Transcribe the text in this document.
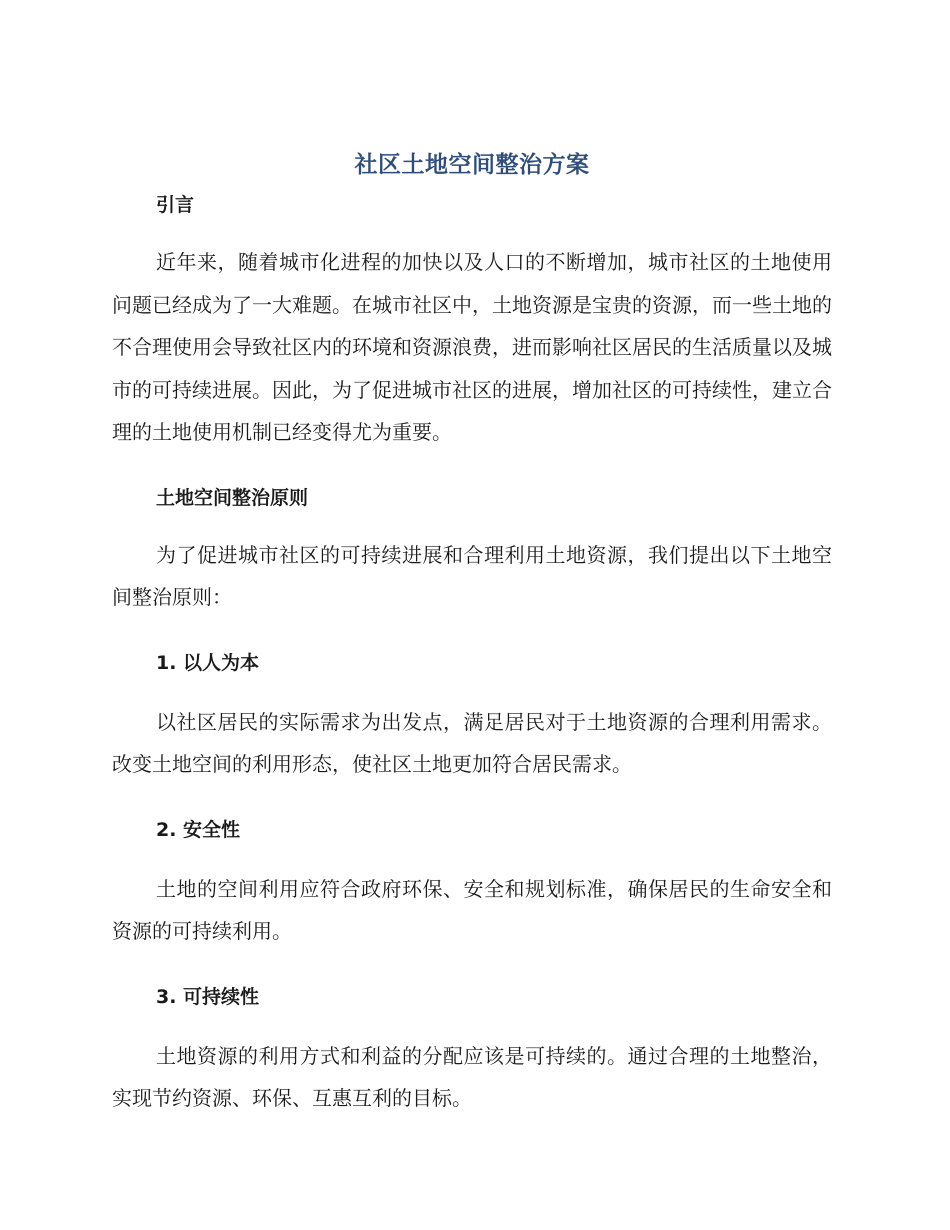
社区土地空间整治方案
引言

近年来，随着城市化进程的加快以及人口的不断增加，城市社区的土地使用问题已经成为了一大难题。在城市社区中，土地资源是宝贵的资源，而一些土地的不合理使用会导致社区内的环境和资源浪费，进而影响社区居民的生活质量以及城市的可持续进展。因此，为了促进城市社区的进展，增加社区的可持续性，建立合理的土地使用机制已经变得尤为重要。

土地空间整治原则

为了促进城市社区的可持续进展和合理利用土地资源，我们提出以下土地空间整治原则：

1. 以人为本

以社区居民的实际需求为出发点，满足居民对于土地资源的合理利用需求。改变土地空间的利用形态，使社区土地更加符合居民需求。

2. 安全性

土地的空间利用应符合政府环保、安全和规划标准，确保居民的生命安全和资源的可持续利用。

3. 可持续性

土地资源的利用方式和利益的分配应该是可持续的。通过合理的土地整治，实现节约资源、环保、互惠互利的目标。
